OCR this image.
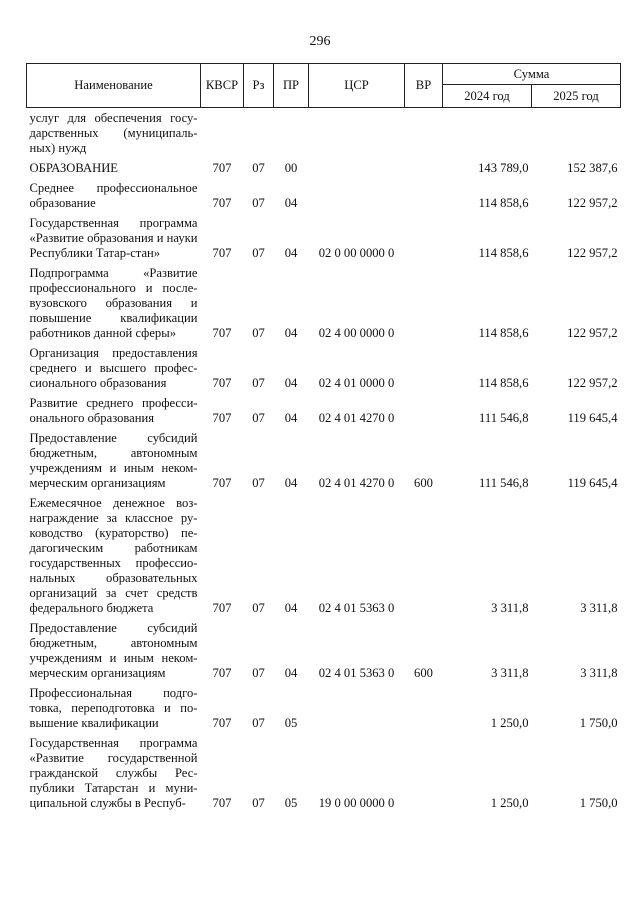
296
Наименование	КВСР	Рз	ПР	ЦСР	ВР	Сумма	
						2024 год	2025 год
услуг для обеспечения госу-дарственных (муниципаль-ных) нужд							
ОБРАЗОВАНИЕ	707	07	00			143 789,0	152 387,6
Среднее профессиональное образование	707	07	04			114 858,6	122 957,2
Государственная программа «Развитие образования и науки Республики Татар-стан»	707	07	04	02 0 00 0000 0		114 858,6	122 957,2
Подпрограмма «Развитие профессионального и после-вузовского образования и повышение квалификации работников данной сферы»	707	07	04	02 4 00 0000 0		114 858,6	122 957,2
Организация предоставления среднего и высшего профес-сионального образования	707	07	04	02 4 01 0000 0		114 858,6	122 957,2
Развитие среднего професси-онального образования	707	07	04	02 4 01 4270 0		111 546,8	119 645,4
Предоставление субсидий бюджетным, автономным учреждениям и иным неком-мерческим организациям	707	07	04	02 4 01 4270 0	600	111 546,8	119 645,4
Ежемесячное денежное воз-награждение за классное ру-ководство (кураторство) пе-дагогическим работникам государственных профессио-нальных образовательных организаций за счет средств федерального бюджета	707	07	04	02 4 01 5363 0		3 311,8	3 311,8
Предоставление субсидий бюджетным, автономным учреждениям и иным неком-мерческим организациям	707	07	04	02 4 01 5363 0	600	3 311,8	3 311,8
Профессиональная подго-товка, переподготовка и по-вышение квалификации	707	07	05			1 250,0	1 750,0
Государственная программа «Развитие государственной гражданской службы Рес-публики Татарстан и муни-ципальной службы в Респуб-	707	07	05	19 0 00 0000 0		1 250,0	1 750,0
